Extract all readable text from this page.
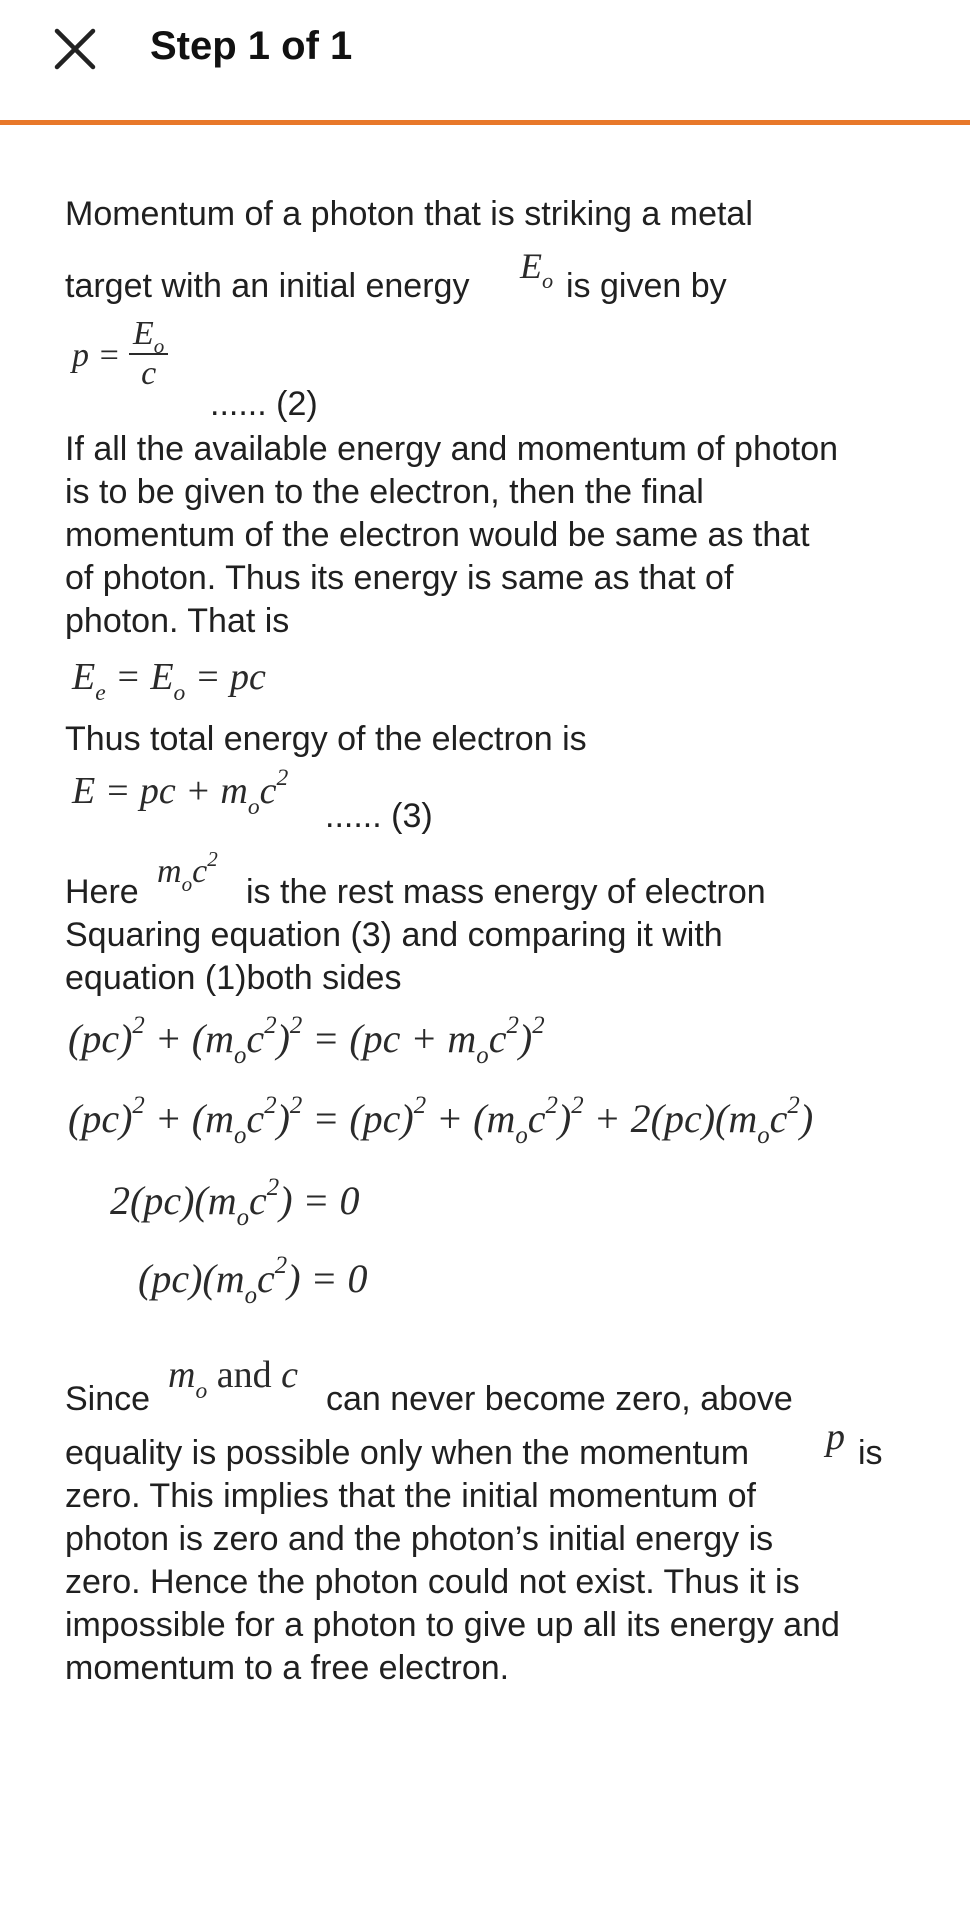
Step 1 of 1
Momentum of a photon that is striking a metal
target with an initial energy $E_o$ is given by
$p = \frac{E_o}{c}$
...... (2)
If all the available energy and momentum of photon
is to be given to the electron, then the final
momentum of the electron would be same as that
of photon. Thus its energy is same as that of
photon. That is
$E_e = E_o$ = pc
Thus total energy of the electron is
E = pc + $m_oc^2$
...... (3)
Here
$m_oc^2$
is the rest mass energy of electron
Squaring equation (3) and comparing it with
equation (1)both sides
$(pc)^2 + (m_oc^2)^2 = (pc + m_oc^2)^2$
$(pc)^2 + (m_oc^2)^2 = (pc)^2 + (m_oc^2)^2 + 2(pc)(m_oc^2)$
$2(pc)(m_oc^2) = 0$
$(pc)(m_oc^2) = 0$
Since
$m_o$ and c
can never become zero, above
equality is possible only when the momentum p is
zero. This implies that the initial momentum of
photon is zero and the photon’s initial energy is
zero. Hence the photon could not exist. Thus it is
impossible for a photon to give up all its energy and
momentum to a free electron.
